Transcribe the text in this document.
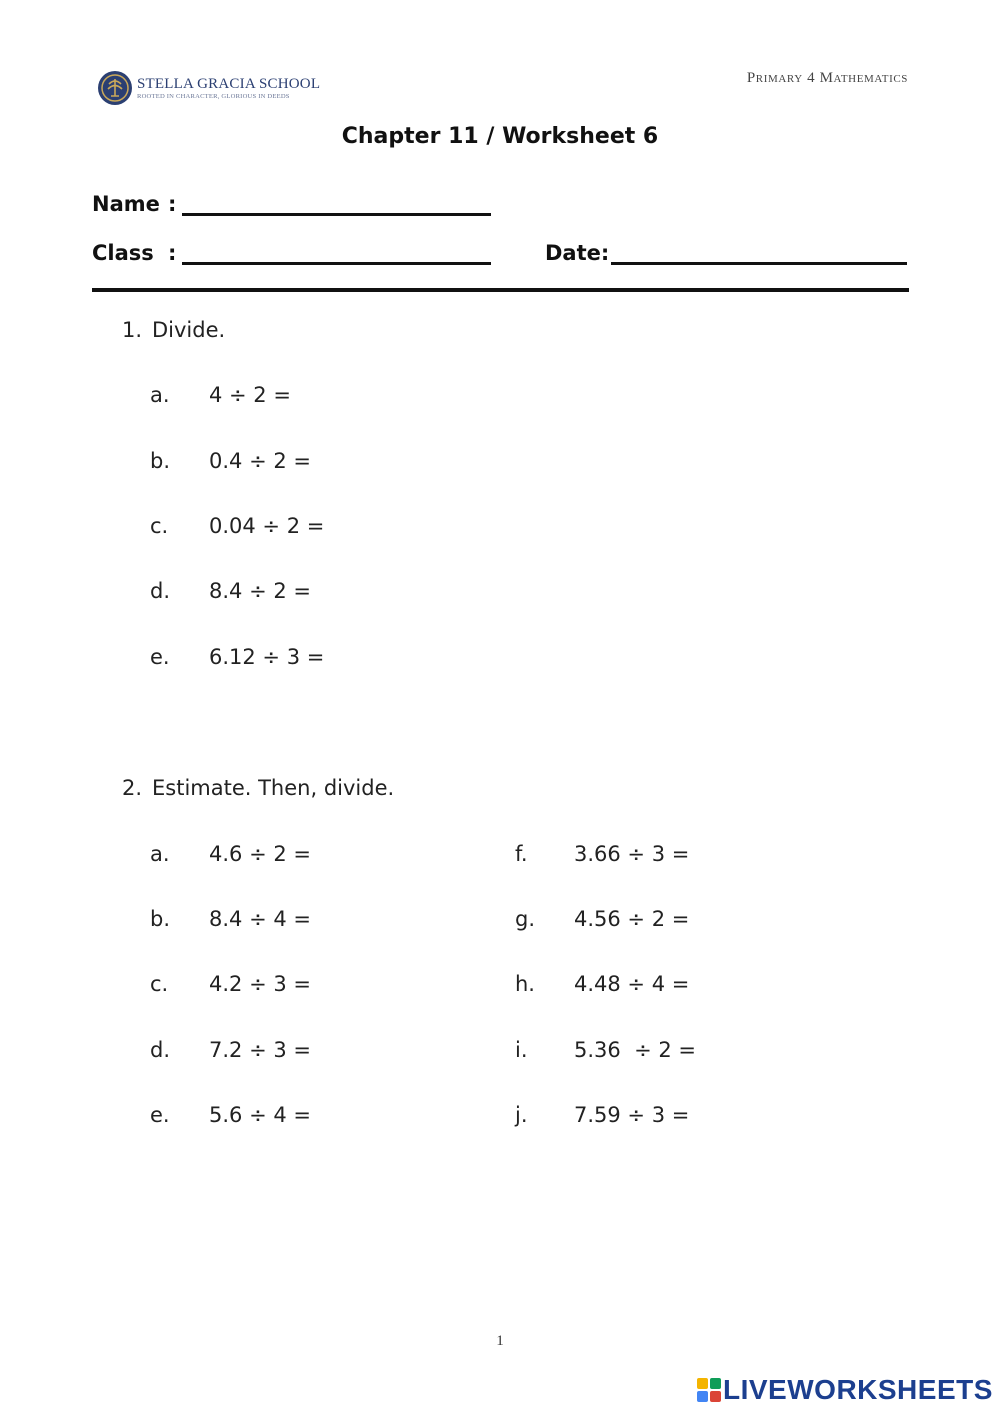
STELLA GRACIA SCHOOL
ROOTED IN CHARACTER, GLORIOUS IN DEEDS
Primary 4 Mathematics
Chapter 11 / Worksheet 6
Name :
Class :	Date:
1. Divide.
a. 4 ÷ 2 =
b. 0.4 ÷ 2 =
c. 0.04 ÷ 2 =
d. 8.4 ÷ 2 =
e. 6.12 ÷ 3 =
2. Estimate. Then, divide.
a. 4.6 ÷ 2 =
b. 8.4 ÷ 4 =
c. 4.2 ÷ 3 =
d. 7.2 ÷ 3 =
e. 5.6 ÷ 4 =
f. 3.66 ÷ 3 =
g. 4.56 ÷ 2 =
h. 4.48 ÷ 4 =
i. 5.36  ÷ 2 =
j. 7.59 ÷ 3 =
1
LIVEWORKSHEETS
